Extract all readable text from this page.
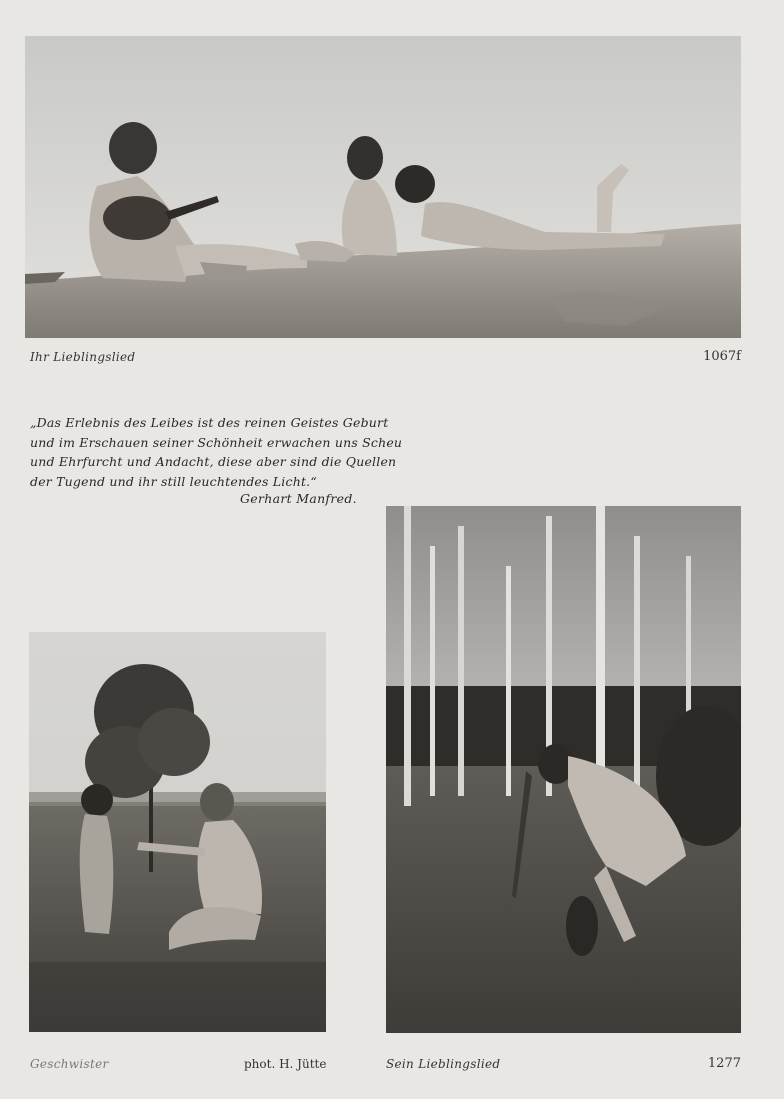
Ihr Lieblingslied	1067f
„Das Erlebnis des Leibes ist des reinen Geistes Geburt
und im Erschauen seiner Schönheit erwachen uns Scheu
und Ehrfurcht und Andacht, diese aber sind die Quellen
der Tugend und ihr still leuchtendes Licht.“
Gerhart Manfred.
Geschwister	phot. H. Jütte	Sein Lieblingslied	1277
